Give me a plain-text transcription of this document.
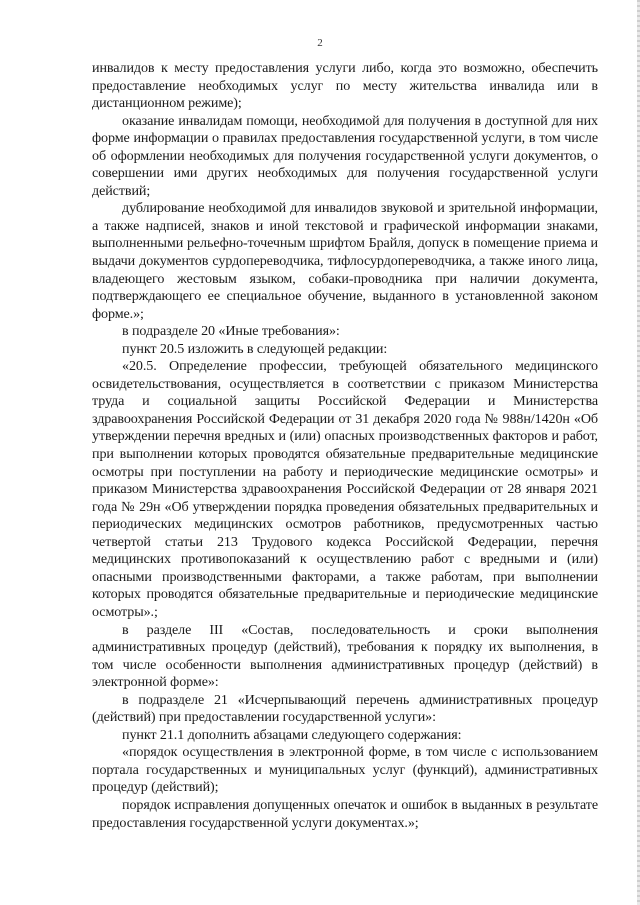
2

инвалидов к месту предоставления услуги либо, когда это возможно, обеспечить предоставление необходимых услуг по месту жительства инвалида или в дистанционном режиме);

оказание инвалидам помощи, необходимой для получения в доступной для них форме информации о правилах предоставления государственной услуги, в том числе об оформлении необходимых для получения государственной услуги документов, о совершении ими других необходимых для получения государственной услуги действий;

дублирование необходимой для инвалидов звуковой и зрительной информации, а также надписей, знаков и иной текстовой и графической информации знаками, выполненными рельефно-точечным шрифтом Брайля, допуск в помещение приема и выдачи документов сурдопереводчика, тифлосурдопереводчика, а также иного лица, владеющего жестовым языком, собаки-проводника при наличии документа, подтверждающего ее специальное обучение, выданного в установленной законом форме.»;

в подразделе 20 «Иные требования»:

пункт 20.5 изложить в следующей редакции:

«20.5. Определение профессии, требующей обязательного медицинского освидетельствования, осуществляется в соответствии с приказом Министерства труда и социальной защиты Российской Федерации и Министерства здравоохранения Российской Федерации от 31 декабря 2020 года № 988н/1420н «Об утверждении перечня вредных и (или) опасных производственных факторов и работ, при выполнении которых проводятся обязательные предварительные медицинские осмотры при поступлении на работу и периодические медицинские осмотры» и приказом Министерства здравоохранения Российской Федерации от 28 января 2021 года № 29н «Об утверждении порядка проведения обязательных предварительных и периодических медицинских осмотров работников, предусмотренных частью четвертой статьи 213 Трудового кодекса Российской Федерации, перечня медицинских противопоказаний к осуществлению работ с вредными и (или) опасными производственными факторами, а также работам, при выполнении которых проводятся обязательные предварительные и периодические медицинские осмотры».;

в разделе III «Состав, последовательность и сроки выполнения административных процедур (действий), требования к порядку их выполнения, в том числе особенности выполнения административных процедур (действий) в электронной форме»:

в подразделе 21 «Исчерпывающий перечень административных процедур (действий) при предоставлении государственной услуги»:

пункт 21.1 дополнить абзацами следующего содержания:

«порядок осуществления в электронной форме, в том числе с использованием портала государственных и муниципальных услуг (функций), административных процедур (действий);

порядок исправления допущенных опечаток и ошибок в выданных в результате предоставления государственной услуги документах.»;
